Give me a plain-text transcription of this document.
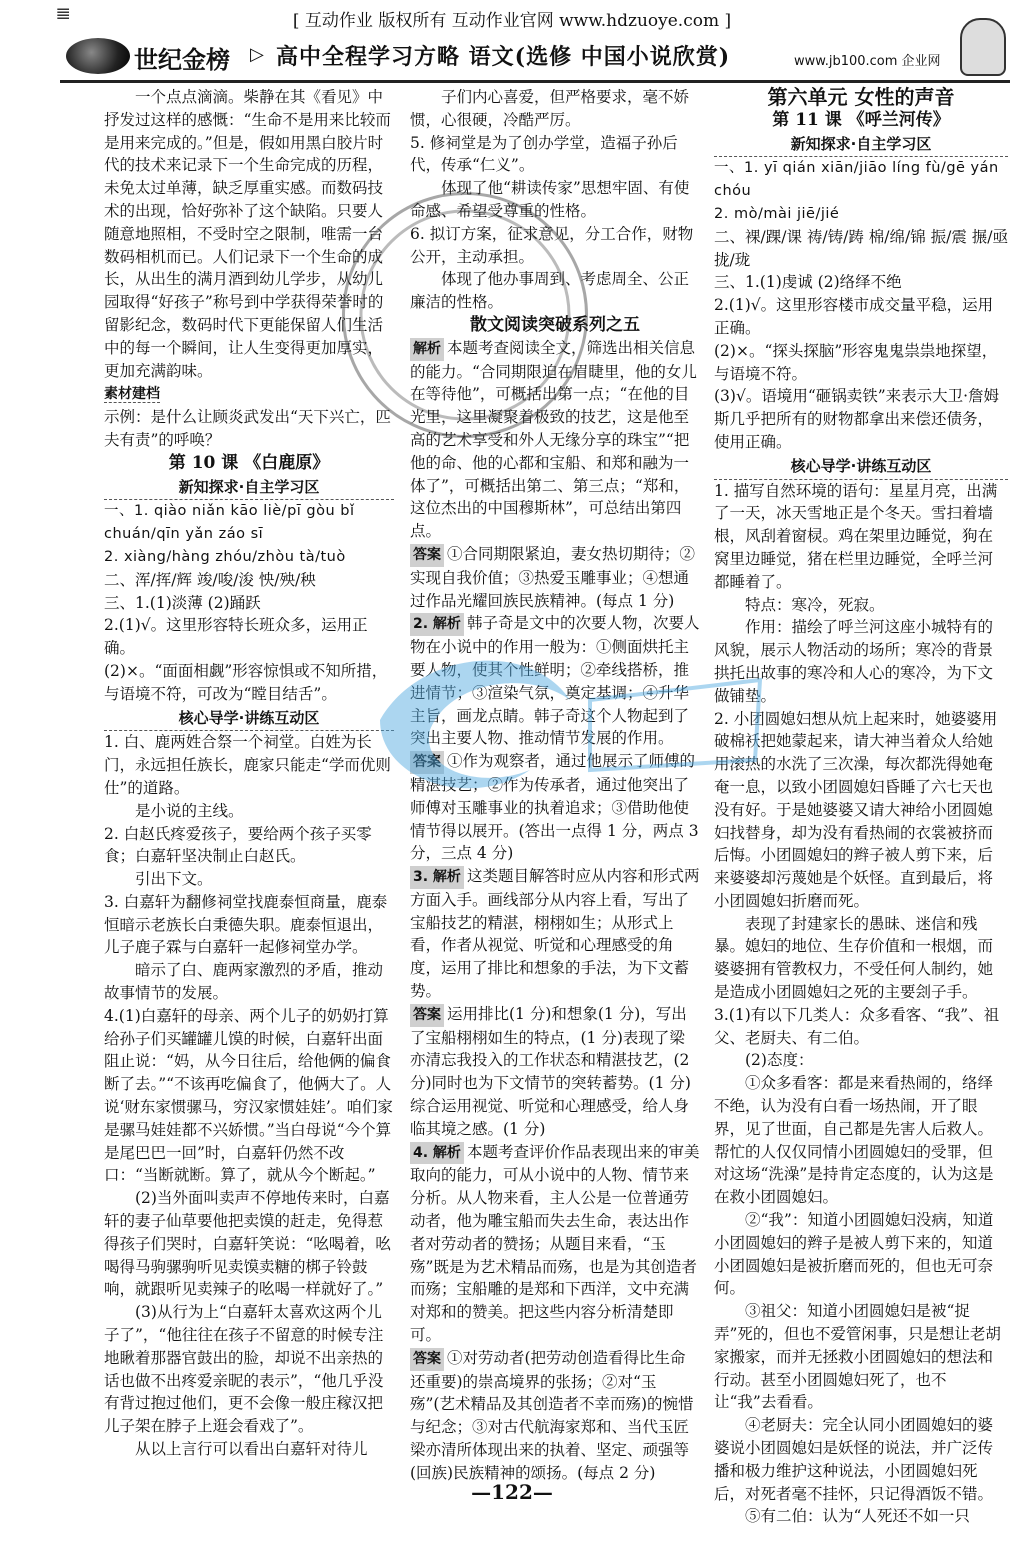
𝌆	[ 互动作业 版权所有 互动作业官网 www.hdzuoye.com ]
世纪金榜 ▷ 高中全程学习方略 语文(选修 中国小说欣赏)	www.jb100.com 企业网

一个点点滴滴。柴静在其《看见》中抒发过这样的感慨：“生命不是用来比较而是用来完成的。”但是，假如用黑白胶片时代的技术来记录下一个生命完成的历程，未免太过单薄，缺乏厚重实感。而数码技术的出现，恰好弥补了这个缺陷。只要人随意地照相，不受时空之限制，唯需一台数码相机而已。人们记录下一个生命的成长，从出生的满月酒到幼儿学步，从幼儿园取得“好孩子”称号到中学获得荣誉时的留影纪念，数码时代下更能保留人们生活中的每一个瞬间，让人生变得更加厚实，更加充满韵味。

素材建档

示例：是什么让顾炎武发出“天下兴亡，匹夫有责”的呼唤？

第 10 课 《白鹿原》

新知探求·自主学习区

一、1. qiào niǎn kāo liè/pī gòu bǐ chuán/qīn yǎn záo sī

2. xiàng/hàng zhóu/zhòu tà/tuò

二、浑/挥/辉 竣/唆/浚 怏/殃/秧

三、1.(1)淡薄 (2)踊跃

2.(1)√。这里形容特长班众多，运用正确。

(2)×。“面面相觑”形容惊惧或不知所措，与语境不符，可改为“瞠目结舌”。

核心导学·讲练互动区

1. 白、鹿两姓合祭一个祠堂。白姓为长门，永远担任族长，鹿家只能走“学而优则仕”的道路。

是小说的主线。

2. 白赵氏疼爱孩子，要给两个孩子买零食；白嘉轩坚决制止白赵氏。

引出下文。

3. 白嘉轩为翻修祠堂找鹿泰恒商量，鹿泰恒暗示老族长白秉德失职。鹿泰恒退出，儿子鹿子霖与白嘉轩一起修祠堂办学。

暗示了白、鹿两家激烈的矛盾，推动故事情节的发展。

4.(1)白嘉轩的母亲、两个儿子的奶奶打算给孙子们买罐罐儿馍的时候，白嘉轩出面阻止说：“妈，从今日往后，给他俩的偏食断了去。”“不该再吃偏食了，他俩大了。人说‘财东家惯骡马，穷汉家惯娃娃’。咱们家是骡马娃娃都不兴娇惯。”当白母说“今个算是尾巴巴一回”时，白嘉轩仍然不改口：“当断就断。算了，就从今个断起。”

(2)当外面叫卖声不停地传来时，白嘉轩的妻子仙草要他把卖馍的赶走，免得惹得孩子们哭时，白嘉轩笑说：“吆喝着，吆喝得马驹骡驹听见卖馍卖糖的梆子铃鼓响，就跟听见卖辣子的吆喝一样就好了。”

(3)从行为上“白嘉轩太喜欢这两个儿子了”，“他往往在孩子不留意的时候专注地瞅着那器官鼓出的脸，却说不出亲热的话也做不出疼爱亲昵的表示”，“他几乎没有背过抱过他们，更不会像一般庄稼汉把儿子架在脖子上逛会看戏了”。

从以上言行可以看出白嘉轩对待儿

子们内心喜爱，但严格要求，毫不娇惯，心很硬，冷酷严厉。

5. 修祠堂是为了创办学堂，造福子孙后代，传承“仁义”。

体现了他“耕读传家”思想牢固、有使命感、希望受尊重的性格。

6. 拟订方案，征求意见，分工合作，财物公开，主动承担。

体现了他办事周到、考虑周全、公正廉洁的性格。

散文阅读突破系列之五

解析 本题考查阅读全文，筛选出相关信息的能力。“合同期限迫在眉睫里，他的女儿在等待他”，可概括出第一点；“在他的目光里，这里凝聚着极致的技艺，这是他至高的艺术享受和外人无缘分享的珠宝”“把他的命、他的心都和宝船、和郑和融为一体了”，可概括出第二、第三点；“郑和，这位杰出的中国穆斯林”，可总结出第四点。

答案 ①合同期限紧迫，妻女热切期待；②实现自我价值；③热爱玉雕事业；④想通过作品光耀回族民族精神。(每点 1 分)

2. 解析 韩子奇是文中的次要人物，次要人物在小说中的作用一般为：①侧面烘托主要人物，使其个性鲜明；②牵线搭桥，推进情节；③渲染气氛，奠定基调；④升华主旨，画龙点睛。韩子奇这个人物起到了突出主要人物、推动情节发展的作用。

答案 ①作为观察者，通过他展示了师傅的精湛技艺；②作为传承者，通过他突出了师傅对玉雕事业的执着追求；③借助他使情节得以展开。(答出一点得 1 分，两点 3 分，三点 4 分)

3. 解析 这类题目解答时应从内容和形式两方面入手。画线部分从内容上看，写出了宝船技艺的精湛，栩栩如生；从形式上看，作者从视觉、听觉和心理感受的角度，运用了排比和想象的手法，为下文蓄势。

答案 运用排比(1 分)和想象(1 分)，写出了宝船栩栩如生的特点，(1 分)表现了梁亦清忘我投入的工作状态和精湛技艺，(2 分)同时也为下文情节的突转蓄势。(1 分)综合运用视觉、听觉和心理感受，给人身临其境之感。(1 分)

4. 解析 本题考查评价作品表现出来的审美取向的能力，可从小说中的人物、情节来分析。从人物来看，主人公是一位普通劳动者，他为雕宝船而失去生命，表达出作者对劳动者的赞扬；从题目来看，“玉殇”既是为艺术精品而殇，也是为其创造者而殇；宝船雕的是郑和下西洋，文中充满对郑和的赞美。把这些内容分析清楚即可。

答案 ①对劳动者(把劳动创造看得比生命还重要)的崇高境界的张扬；②对“玉殇”(艺术精品及其创造者不幸而殇)的惋惜与纪念；③对古代航海家郑和、当代玉匠梁亦清所体现出来的执着、坚定、顽强等(回族)民族精神的颂扬。(每点 2 分)

第六单元 女性的声音

第 11 课 《呼兰河传》

新知探求·自主学习区

一、1. yī qián xiān/jiāo líng fù/gē yán chóu

2. mò/mài jiē/jié

二、裸/踝/课 祷/铸/踌 棉/绵/锦 振/震 搌/亟 拢/珑

三、1.(1)虔诚 (2)络绎不绝

2.(1)√。这里形容楼市成交量平稳，运用正确。

(2)×。“探头探脑”形容鬼鬼祟祟地探望，与语境不符。

(3)√。语境用“砸锅卖铁”来表示大卫·詹姆斯几乎把所有的财物都拿出来偿还债务，使用正确。

核心导学·讲练互动区

1. 描写自然环境的语句：星星月亮，出满了一天，冰天雪地正是个冬天。雪扫着墙根，风刮着窗棂。鸡在架里边睡觉，狗在窝里边睡觉，猪在栏里边睡觉，全呼兰河都睡着了。

特点：寒冷，死寂。

作用：描绘了呼兰河这座小城特有的风貌，展示人物活动的场所；寒冷的背景拱托出故事的寒冷和人心的寒冷，为下文做铺垫。

2. 小团圆媳妇想从炕上起来时，她婆婆用破棉袄把她蒙起来，请大神当着众人给她用滚热的水洗了三次澡，每次都洗得她奄奄一息，以致小团圆媳妇昏睡了六七天也没有好。于是她婆婆又请大神给小团圆媳妇找替身，却为没有看热闹的衣裳被挤而后悔。小团圆媳妇的辫子被人剪下来，后来婆婆却污蔑她是个妖怪。直到最后，将小团圆媳妇折磨而死。

表现了封建家长的愚昧、迷信和残暴。媳妇的地位、生存价值和一根烟，而婆婆拥有管教权力，不受任何人制约，她是造成小团圆媳妇之死的主要刽子手。

3.(1)有以下几类人：众多看客、“我”、祖父、老厨夫、有二伯。

(2)态度：

①众多看客：都是来看热闹的，络绎不绝，认为没有白看一场热闹，开了眼界，见了世面，自己都是先害人后救人。帮忙的人仅仅同情小团圆媳妇的受罪，但对这场“洗澡”是持肯定态度的，认为这是在救小团圆媳妇。

②“我”：知道小团圆媳妇没病，知道小团圆媳妇的辫子是被人剪下来的，知道小团圆媳妇是被折磨而死的，但也无可奈何。

③祖父：知道小团圆媳妇是被“捉弄”死的，但也不爱管闲事，只是想让老胡家搬家，而并无拯救小团圆媳妇的想法和行动。甚至小团圆媳妇死了，也不让“我”去看看。

④老厨夫：完全认同小团圆媳妇的婆婆说小团圆媳妇是妖怪的说法，并广泛传播和极力维护这种说法，小团圆媳妇死后，对死者毫不挂怀，只记得酒饭不错。

⑤有二伯：认为“人死还不如一只

—122—
